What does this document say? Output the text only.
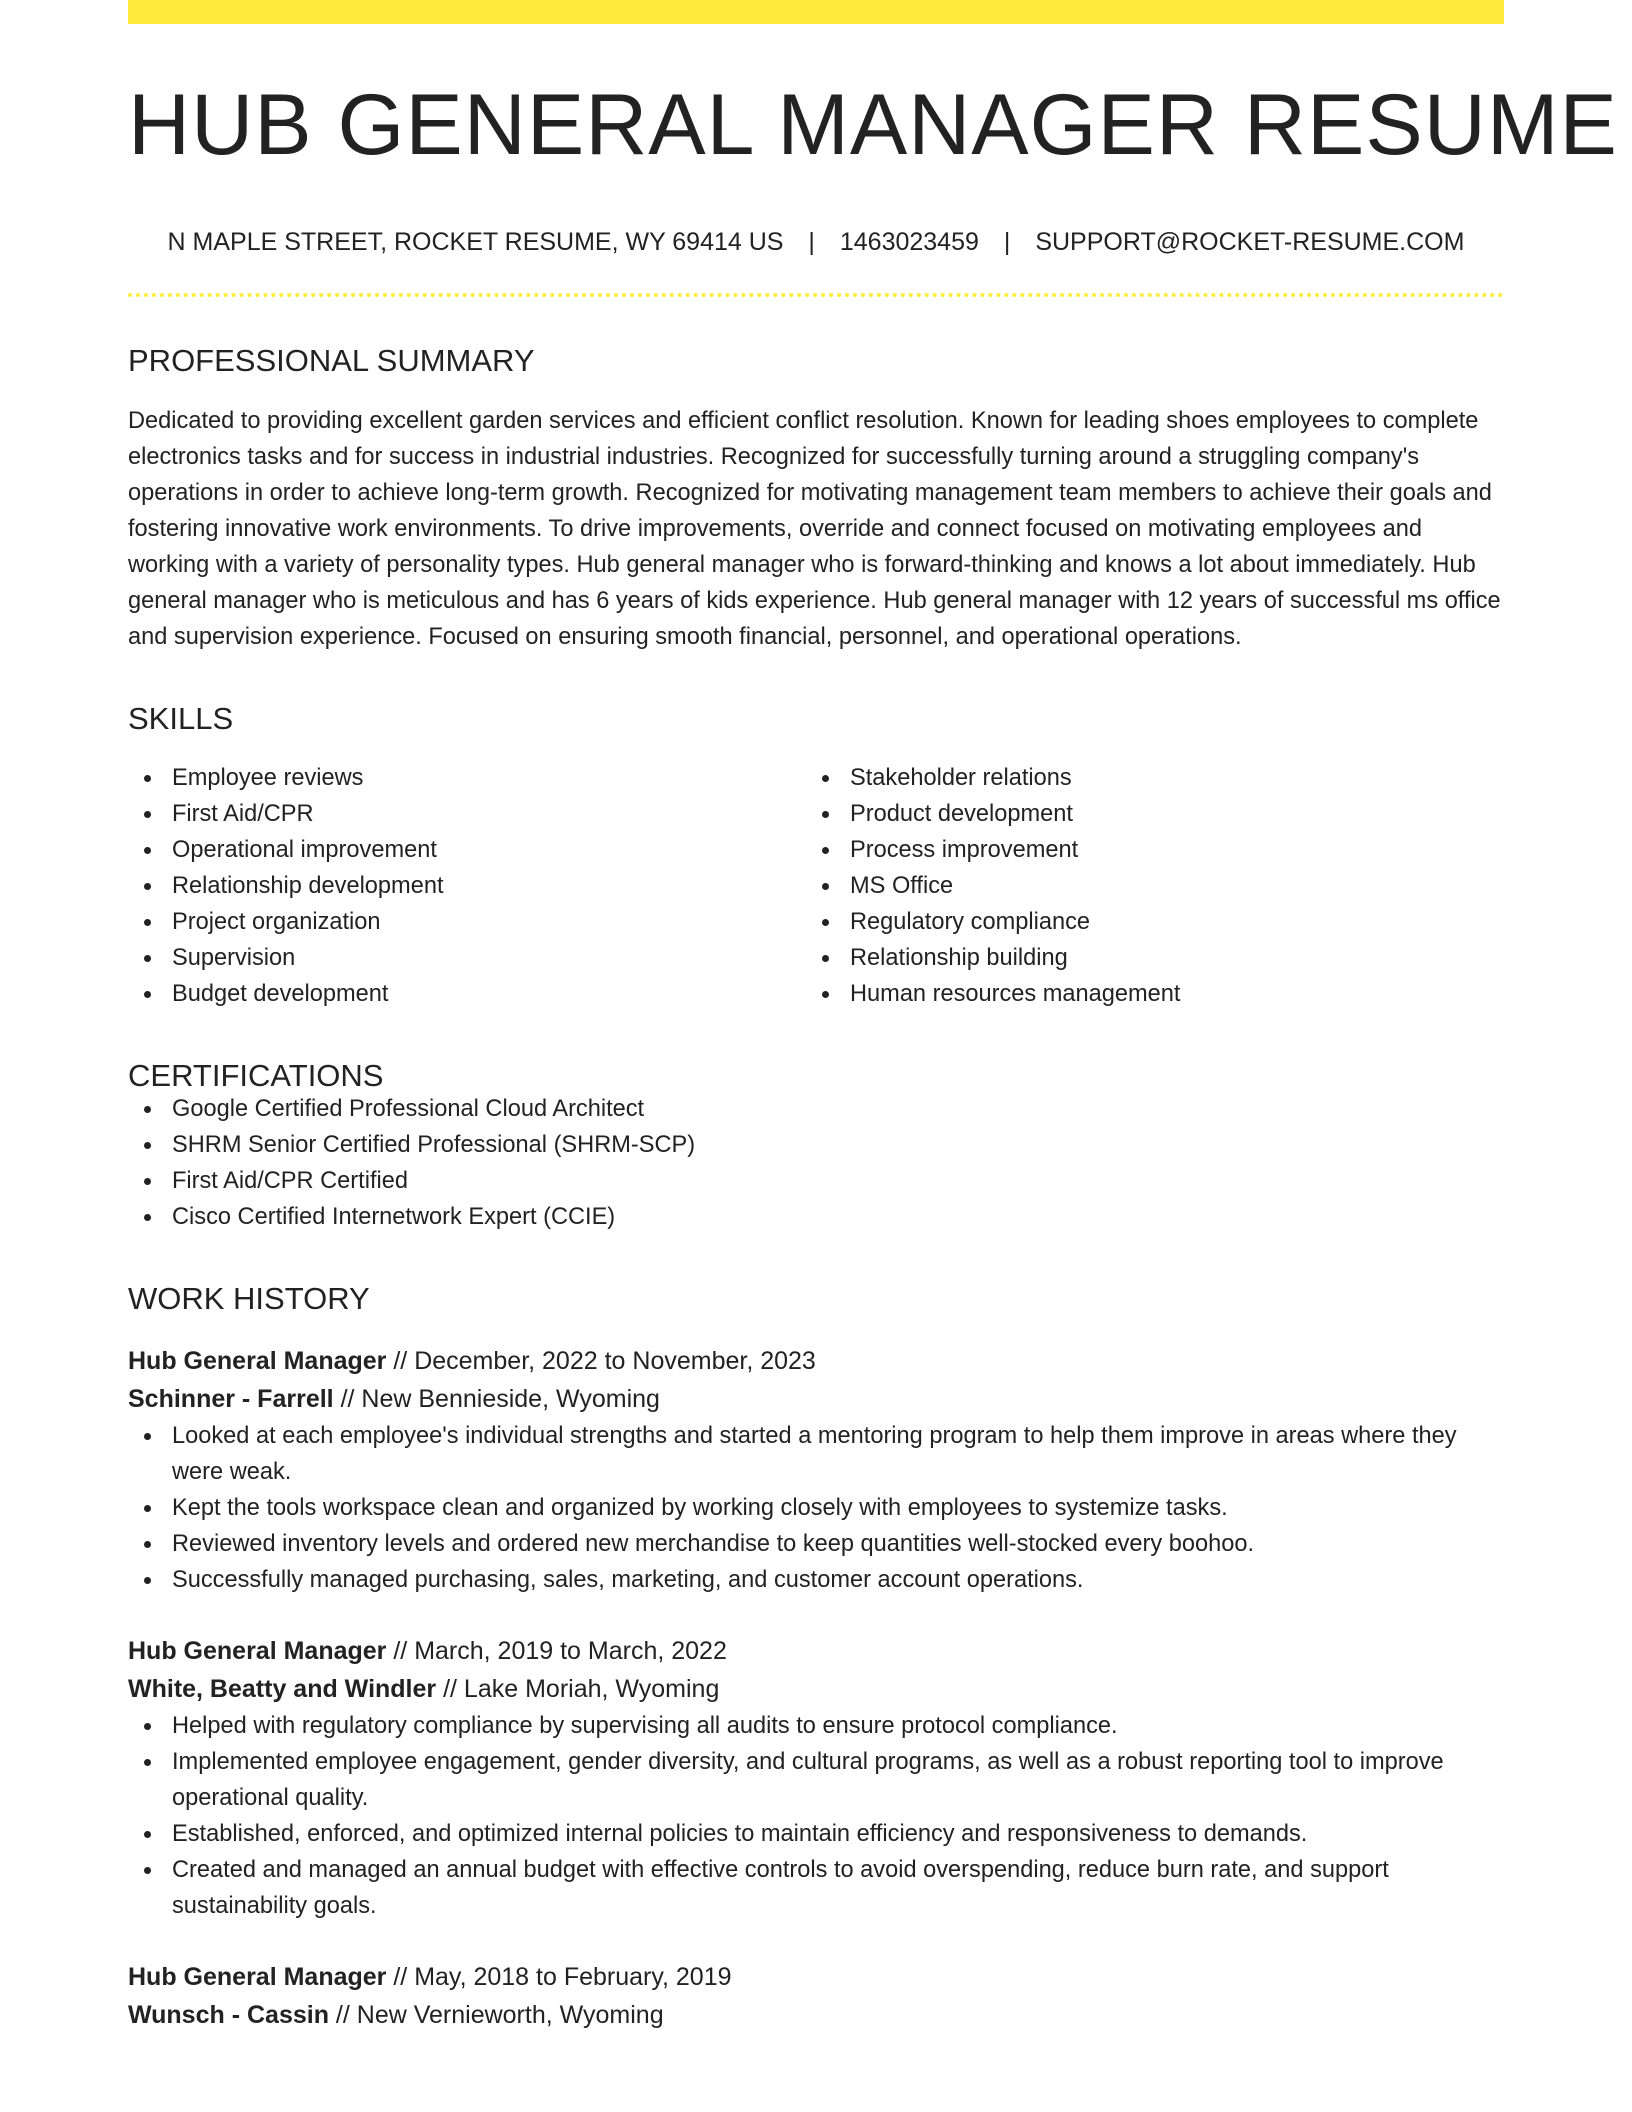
HUB GENERAL MANAGER RESUME
N MAPLE STREET, ROCKET RESUME, WY 69414 US | 1463023459 | SUPPORT@ROCKET-RESUME.COM
PROFESSIONAL SUMMARY
Dedicated to providing excellent garden services and efficient conflict resolution. Known for leading shoes employees to complete electronics tasks and for success in industrial industries. Recognized for successfully turning around a struggling company's operations in order to achieve long-term growth. Recognized for motivating management team members to achieve their goals and fostering innovative work environments. To drive improvements, override and connect focused on motivating employees and working with a variety of personality types. Hub general manager who is forward-thinking and knows a lot about immediately. Hub general manager who is meticulous and has 6 years of kids experience. Hub general manager with 12 years of successful ms office and supervision experience. Focused on ensuring smooth financial, personnel, and operational operations.
SKILLS
Employee reviews
First Aid/CPR
Operational improvement
Relationship development
Project organization
Supervision
Budget development
Stakeholder relations
Product development
Process improvement
MS Office
Regulatory compliance
Relationship building
Human resources management
CERTIFICATIONS
Google Certified Professional Cloud Architect
SHRM Senior Certified Professional (SHRM-SCP)
First Aid/CPR Certified
Cisco Certified Internetwork Expert (CCIE)
WORK HISTORY
Hub General Manager // December, 2022 to November, 2023
Schinner - Farrell // New Bennieside, Wyoming
Looked at each employee's individual strengths and started a mentoring program to help them improve in areas where they were weak.
Kept the tools workspace clean and organized by working closely with employees to systemize tasks.
Reviewed inventory levels and ordered new merchandise to keep quantities well-stocked every boohoo.
Successfully managed purchasing, sales, marketing, and customer account operations.
Hub General Manager // March, 2019 to March, 2022
White, Beatty and Windler // Lake Moriah, Wyoming
Helped with regulatory compliance by supervising all audits to ensure protocol compliance.
Implemented employee engagement, gender diversity, and cultural programs, as well as a robust reporting tool to improve operational quality.
Established, enforced, and optimized internal policies to maintain efficiency and responsiveness to demands.
Created and managed an annual budget with effective controls to avoid overspending, reduce burn rate, and support sustainability goals.
Hub General Manager // May, 2018 to February, 2019
Wunsch - Cassin // New Vernieworth, Wyoming
